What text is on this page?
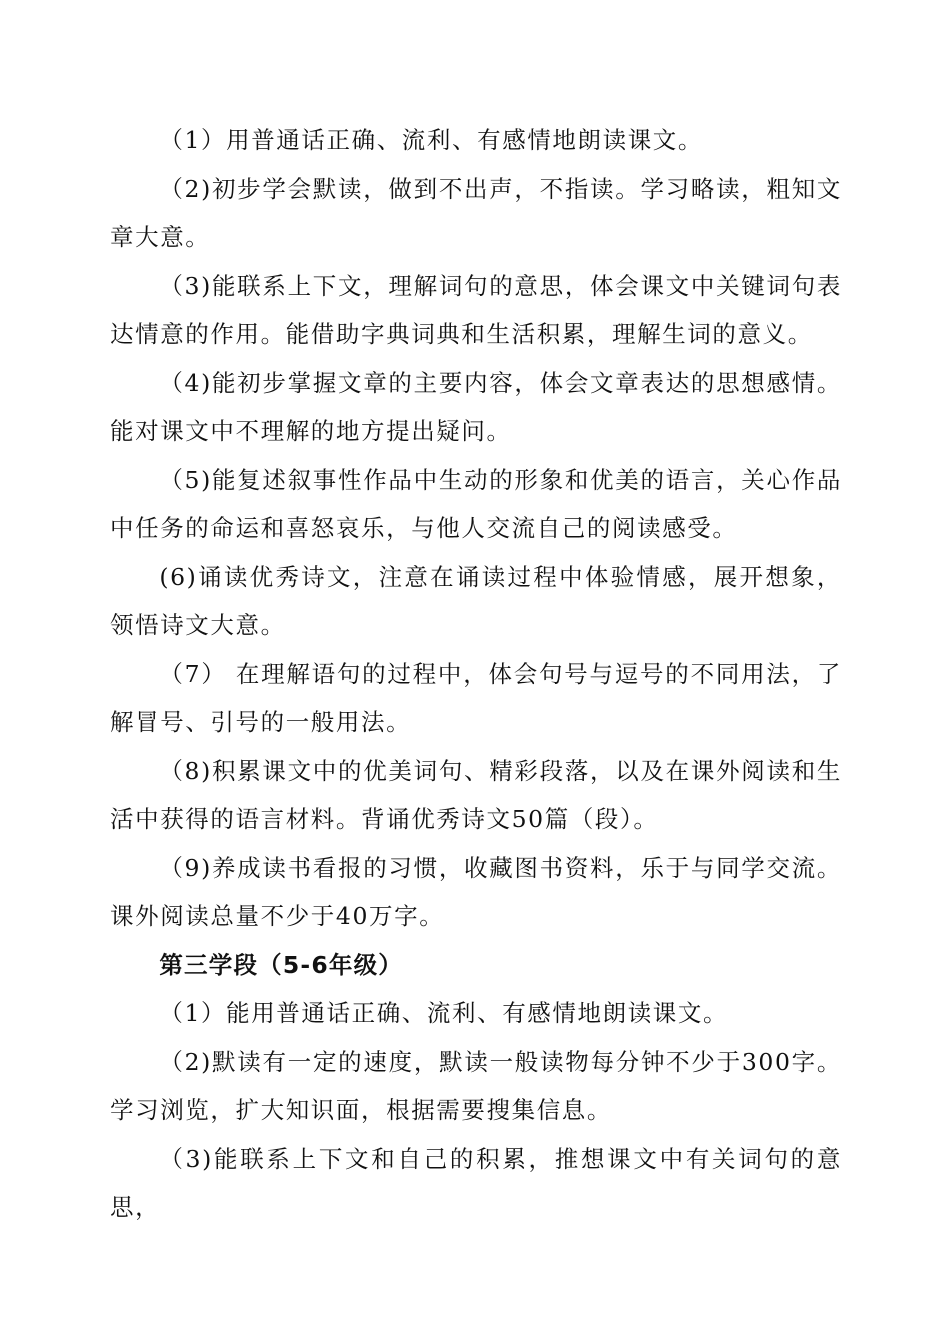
（1）用普通话正确、流利、有感情地朗读课文。

（2)初步学会默读，做到不出声，不指读。学习略读，粗知文章大意。

（3)能联系上下文，理解词句的意思，体会课文中关键词句表达情意的作用。能借助字典词典和生活积累，理解生词的意义。

（4)能初步掌握文章的主要内容，体会文章表达的思想感情。能对课文中不理解的地方提出疑问。

（5)能复述叙事性作品中生动的形象和优美的语言，关心作品中任务的命运和喜怒哀乐，与他人交流自己的阅读感受。

(6)诵读优秀诗文，注意在诵读过程中体验情感，展开想象，领悟诗文大意。

（7） 在理解语句的过程中，体会句号与逗号的不同用法，了解冒号、引号的一般用法。

（8)积累课文中的优美词句、精彩段落，以及在课外阅读和生活中获得的语言材料。背诵优秀诗文50篇（段）。

（9)养成读书看报的习惯，收藏图书资料，乐于与同学交流。课外阅读总量不少于40万字。

第三学段（5-6年级）

（1）能用普通话正确、流利、有感情地朗读课文。

（2)默读有一定的速度，默读一般读物每分钟不少于300字。学习浏览，扩大知识面，根据需要搜集信息。

（3)能联系上下文和自己的积累，推想课文中有关词句的意思，
